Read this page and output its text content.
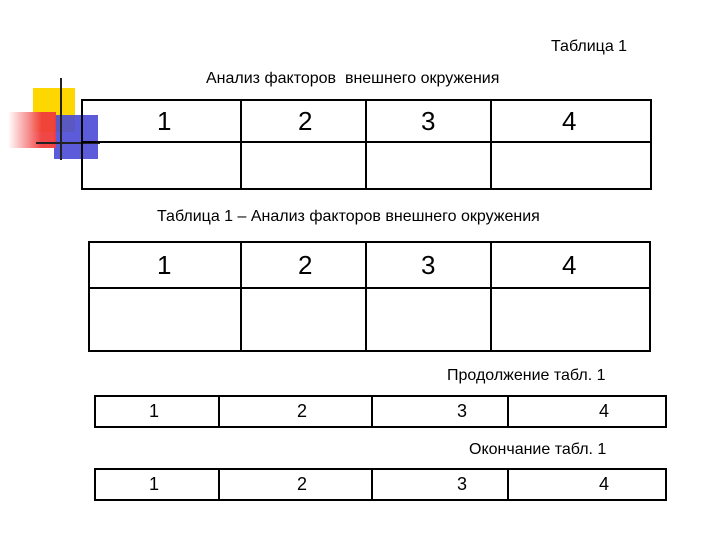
Таблица 1
Анализ факторов  внешнего окружения
1	2	3	4

Таблица 1 – Анализ факторов внешнего окружения
1	2	3	4

Продолжение табл. 1
1	2	3	4
Окончание табл. 1
1	2	3	4
